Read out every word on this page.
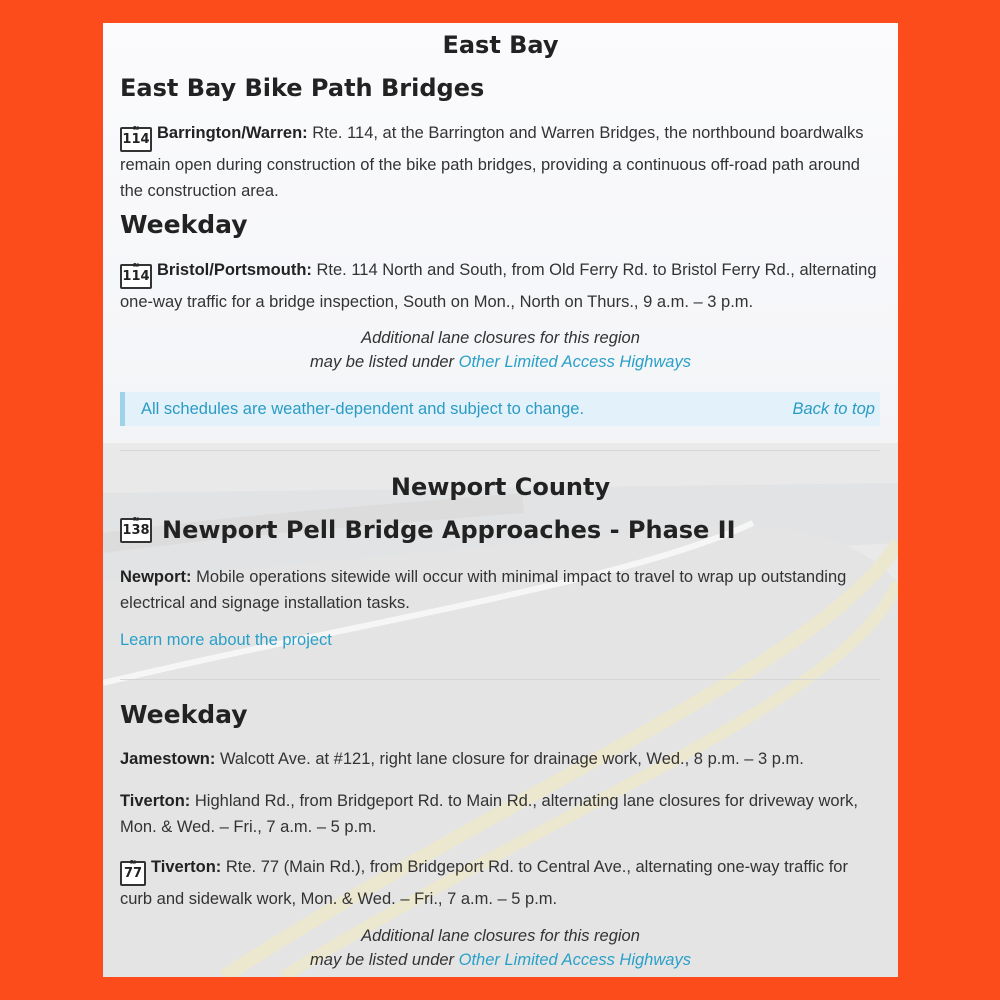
East Bay
East Bay Bike Path Bridges
RI
114 Barrington/Warren: Rte. 114, at the Barrington and Warren Bridges, the northbound boardwalks remain open during construction of the bike path bridges, providing a continuous off-road path around the construction area.
Weekday
RI
114 Bristol/Portsmouth: Rte. 114 North and South, from Old Ferry Rd. to Bristol Ferry Rd., alternating one-way traffic for a bridge inspection, South on Mon., North on Thurs., 9 a.m. – 3 p.m.
Additional lane closures for this region
may be listed under Other Limited Access Highways
All schedules are weather-dependent and subject to change.	Back to top
Newport County
RI
138 Newport Pell Bridge Approaches - Phase II
Newport: Mobile operations sitewide will occur with minimal impact to travel to wrap up outstanding electrical and signage installation tasks.
Learn more about the project
Weekday
Jamestown: Walcott Ave. at #121, right lane closure for drainage work, Wed., 8 p.m. – 3 p.m.
Tiverton: Highland Rd., from Bridgeport Rd. to Main Rd., alternating lane closures for driveway work, Mon. & Wed. – Fri., 7 a.m. – 5 p.m.
RI
77 Tiverton: Rte. 77 (Main Rd.), from Bridgeport Rd. to Central Ave., alternating one-way traffic for curb and sidewalk work, Mon. & Wed. – Fri., 7 a.m. – 5 p.m.
Additional lane closures for this region
may be listed under Other Limited Access Highways
